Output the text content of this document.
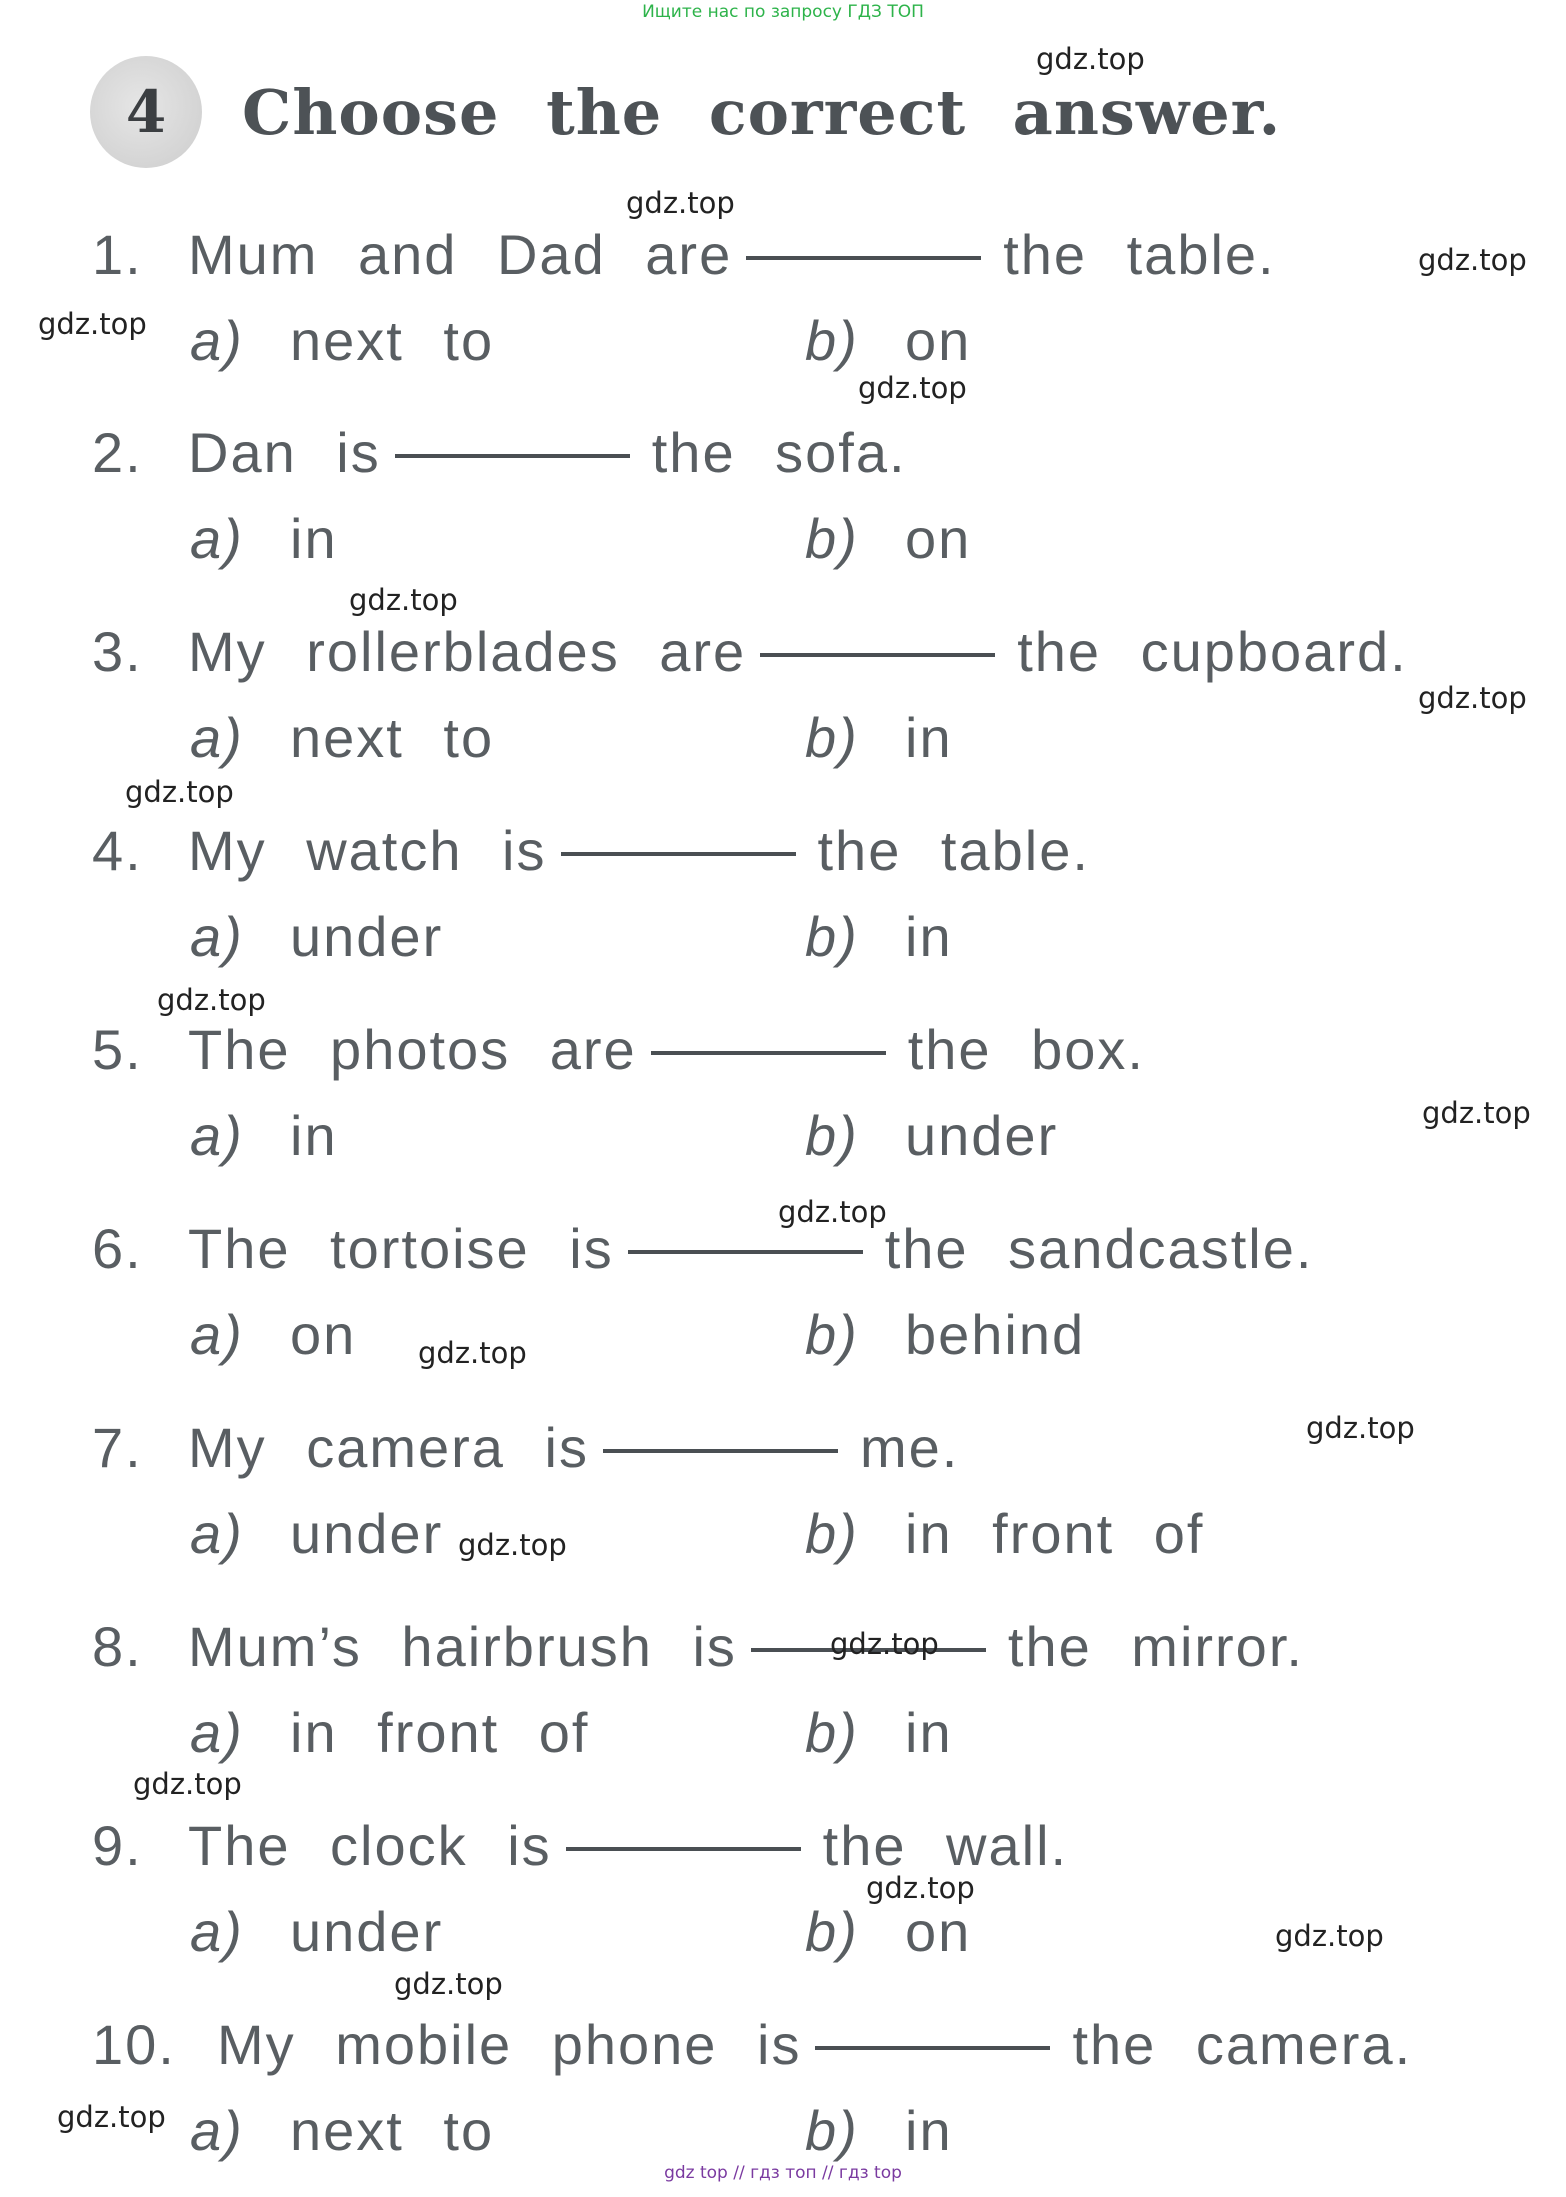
Ищите нас по запросу ГДЗ ТОП
4	Choose the correct answer.
1. Mum and Dad are	the table.
a) next to	b) on
2. Dan is	the sofa.
a) in	b) on
3. My rollerblades are	the cupboard.
a) next to	b) in
4. My watch is	the table.
a) under	b) in
5. The photos are	the box.
a) in	b) under
6. The tortoise is	the sandcastle.
a) on	b) behind
7. My camera is	me.
a) under	b) in front of
8. Mum’s hairbrush is	the mirror.
a) in front of	b) in
9. The clock is	the wall.
a) under	b) on
10. My mobile phone is	the camera.
a) next to	b) in
gdz.top
gdz.top
gdz.top
gdz.top
gdz.top
gdz.top
gdz.top
gdz.top
gdz.top
gdz.top
gdz.top
gdz.top
gdz.top
gdz.top
gdz.top
gdz.top
gdz.top
gdz.top
gdz.top
gdz.top
gdz top // гдз топ // гдз top
